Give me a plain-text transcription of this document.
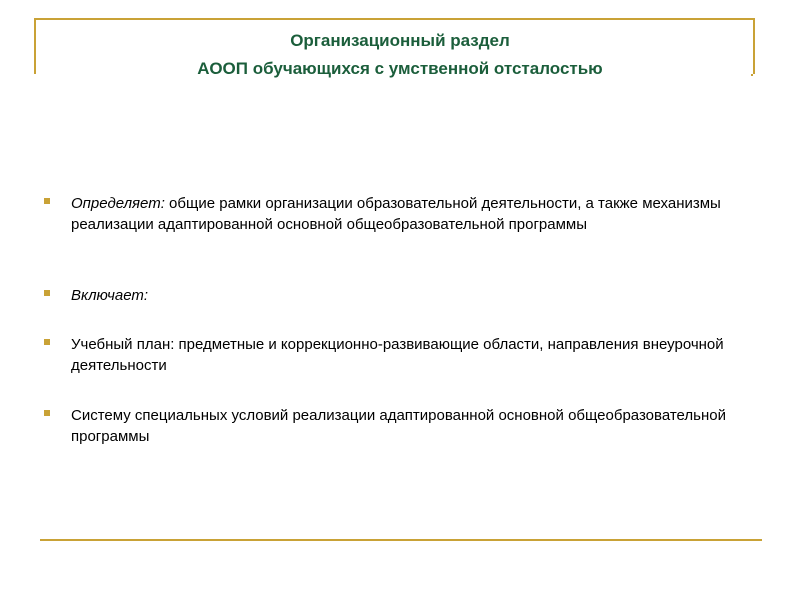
Организационный раздел
АООП обучающихся с умственной отсталостью
Определяет: общие рамки организации образовательной деятельности, а также механизмы реализации адаптированной основной общеобразовательной программы
Включает:
Учебный план: предметные и коррекционно-развивающие области, направления внеурочной деятельности
Систему специальных условий реализации адаптированной основной общеобразовательной программы
